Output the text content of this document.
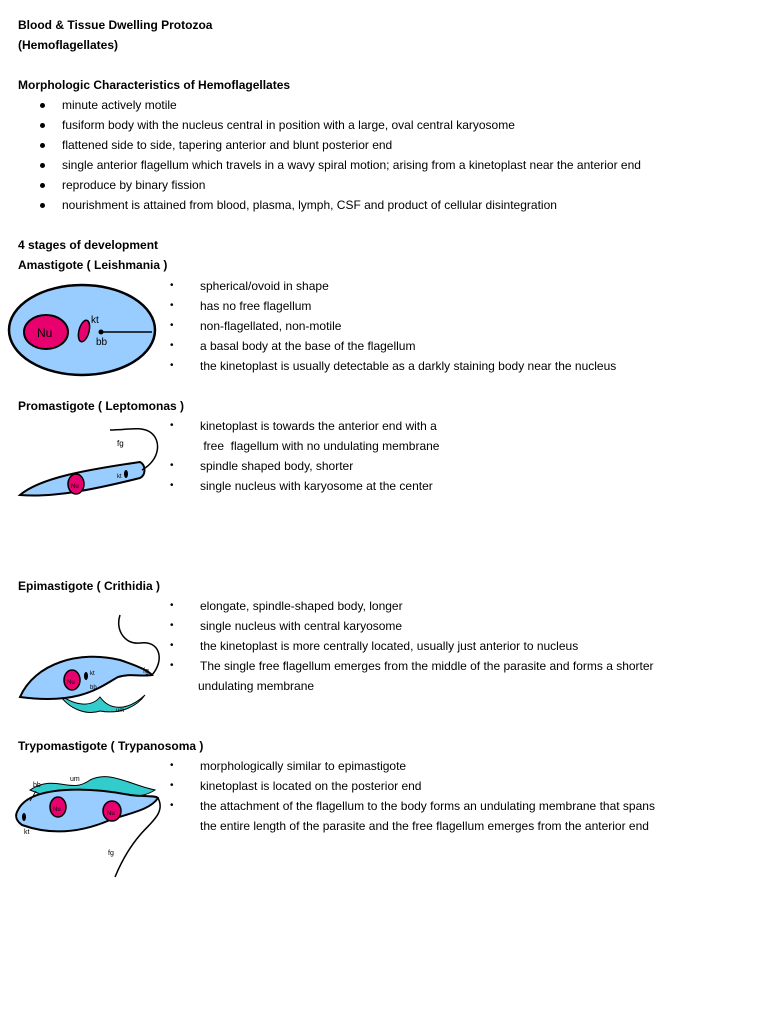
Blood & Tissue Dwelling Protozoa
(Hemoflagellates)
Morphologic Characteristics of Hemoflagellates
minute actively motile
fusiform body with the nucleus central in position with a large, oval central karyosome
flattened side to side, tapering anterior and blunt posterior end
single anterior flagellum which travels in a wavy spiral motion; arising from a kinetoplast near the anterior end
reproduce by binary fission
nourishment is attained from blood, plasma, lymph, CSF and product of cellular disintegration
4 stages of development
Amastigote ( Leishmania )
Nu
kt
bb
• spherical/ovoid in shape
• has no free flagellum
• non-flagellated, non-motile
• a basal body at the base of the flagellum
• the kinetoplast is usually detectable as a darkly staining body near the nucleus
Promastigote ( Leptomonas )
Nu
kt
fg
• kinetoplast is towards the anterior end with a
free  flagellum with no undulating membrane
• spindle shaped body, shorter
• single nucleus with karyosome at the center
Epimastigote ( Crithidia )
Nu
kt
bb
fg
um
• elongate, spindle-shaped body, longer
• single nucleus with central karyosome
• the kinetoplast is more centrally located, usually just anterior to nucleus
• The single free flagellum emerges from the middle of the parasite and forms a shorter
undulating membrane
Trypomastigote ( Trypanosoma )
Nu
Nu
bb
um
kt
fg
• morphologically similar to epimastigote
• kinetoplast is located on the posterior end
• the attachment of the flagellum to the body forms an undulating membrane that spans
the entire length of the parasite and the free flagellum emerges from the anterior end
